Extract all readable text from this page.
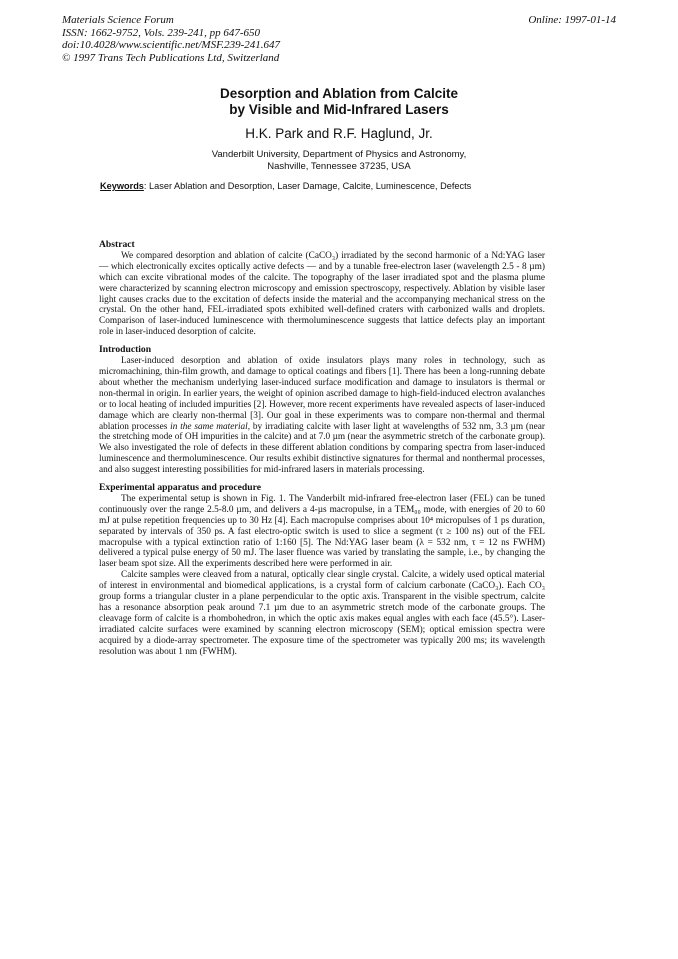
Materials Science Forum
ISSN: 1662-9752, Vols. 239-241, pp 647-650
doi:10.4028/www.scientific.net/MSF.239-241.647
© 1997 Trans Tech Publications Ltd, Switzerland
Online: 1997-01-14
Desorption and Ablation from Calcite
by Visible and Mid-Infrared Lasers
H.K. Park and R.F. Haglund, Jr.
Vanderbilt University, Department of Physics and Astronomy,
Nashville, Tennessee 37235, USA
Keywords: Laser Ablation and Desorption, Laser Damage, Calcite, Luminescence, Defects

Abstract

We compared desorption and ablation of calcite (CaCO₃) irradiated by the second harmonic of a Nd:YAG laser — which electronically excites optically active defects — and by a tunable free-electron laser (wavelength 2.5 - 8 µm) which can excite vibrational modes of the calcite. The topography of the laser irradiated spot and the plasma plume were characterized by scanning electron microscopy and emission spectroscopy, respectively. Ablation by visible laser light causes cracks due to the excitation of defects inside the material and the accompanying mechanical stress on the crystal. On the other hand, FEL-irradiated spots exhibited well-defined craters with carbonized walls and droplets. Comparison of laser-induced luminescence with thermoluminescence suggests that lattice defects play an important role in laser-induced desorption of calcite.

Introduction

Laser-induced desorption and ablation of oxide insulators plays many roles in technology, such as micromachining, thin-film growth, and damage to optical coatings and fibers [1]. There has been a long-running debate about whether the mechanism underlying laser-induced surface modification and damage to insulators is thermal or non-thermal in origin. In earlier years, the weight of opinion ascribed damage to high-field-induced electron avalanches or to local heating of included impurities [2]. However, more recent experiments have revealed aspects of laser-induced damage which are clearly non-thermal [3]. Our goal in these experiments was to compare non-thermal and thermal ablation processes in the same material, by irradiating calcite with laser light at wavelengths of 532 nm, 3.3 µm (near the stretching mode of OH impurities in the calcite) and at 7.0 µm (near the asymmetric stretch of the carbonate group). We also investigated the role of defects in these different ablation conditions by comparing spectra from laser-induced luminescence and thermoluminescence. Our results exhibit distinctive signatures for thermal and nonthermal processes, and also suggest interesting possibilities for mid-infrared lasers in materials processing.

Experimental apparatus and procedure

The experimental setup is shown in Fig. 1. The Vanderbilt mid-infrared free-electron laser (FEL) can be tuned continuously over the range 2.5-8.0 µm, and delivers a 4-µs macropulse, in a TEM₀₀ mode, with energies of 20 to 60 mJ at pulse repetition frequencies up to 30 Hz [4]. Each macropulse comprises about 10⁴ micropulses of 1 ps duration, separated by intervals of 350 ps. A fast electro-optic switch is used to slice a segment (τ ≥ 100 ns) out of the FEL macropulse with a typical extinction ratio of 1:160 [5]. The Nd:YAG laser beam (λ = 532 nm, τ = 12 ns FWHM) delivered a typical pulse energy of 50 mJ. The laser fluence was varied by translating the sample, i.e., by changing the laser beam spot size. All the experiments described here were performed in air.

Calcite samples were cleaved from a natural, optically clear single crystal. Calcite, a widely used optical material of interest in environmental and biomedical applications, is a crystal form of calcium carbonate (CaCO₃). Each CO₃ group forms a triangular cluster in a plane perpendicular to the optic axis. Transparent in the visible spectrum, calcite has a resonance absorption peak around 7.1 µm due to an asymmetric stretch mode of the carbonate groups. The cleavage form of calcite is a rhombohedron, in which the optic axis makes equal angles with each face (45.5°). Laser-irradiated calcite surfaces were examined by scanning electron microscopy (SEM); optical emission spectra were acquired by a diode-array spectrometer. The exposure time of the spectrometer was typically 200 ms; its wavelength resolution was about 1 nm (FWHM).
